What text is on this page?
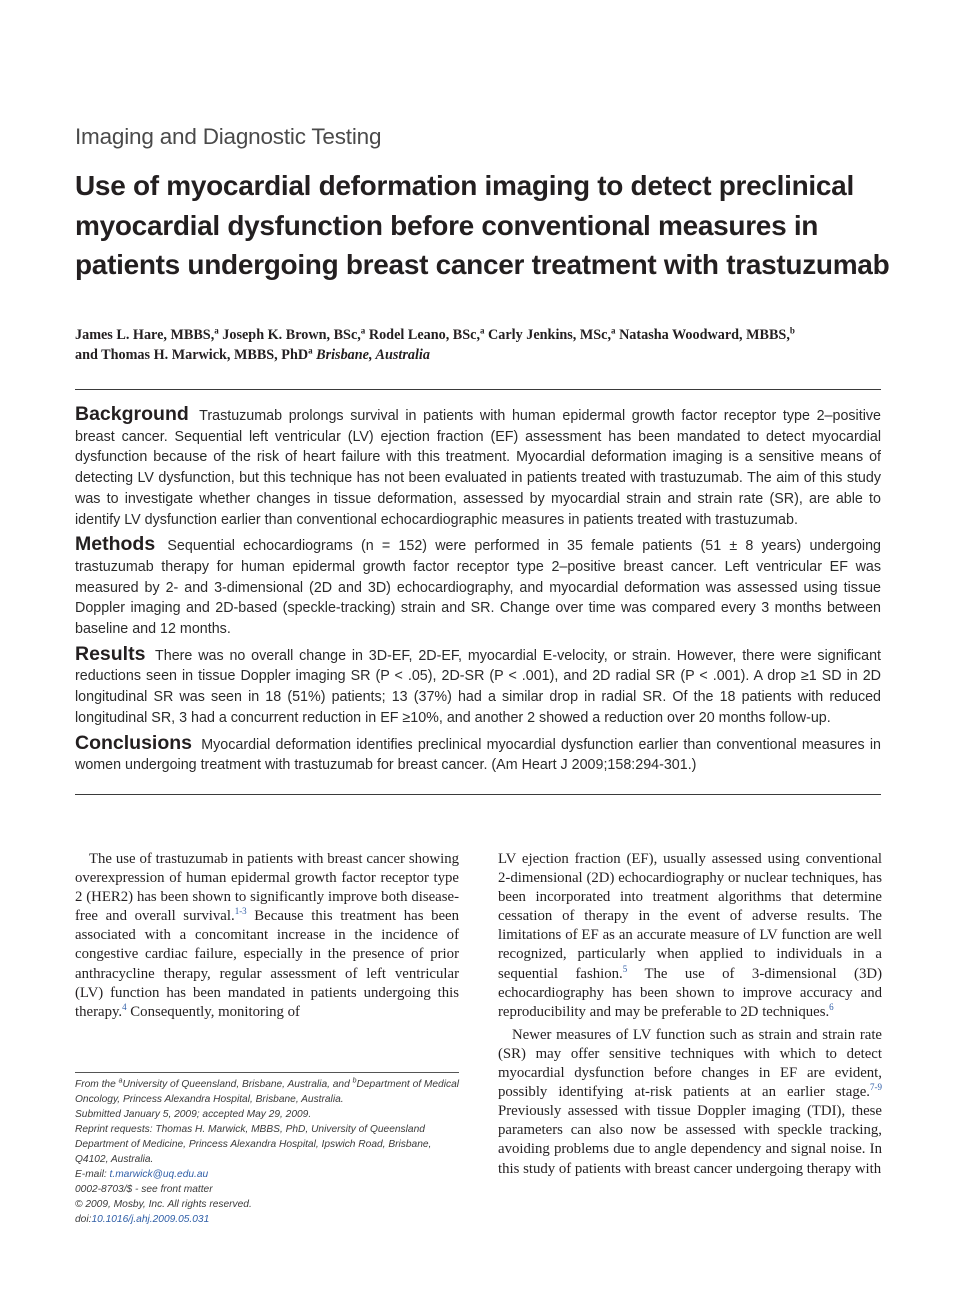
Imaging and Diagnostic Testing
Use of myocardial deformation imaging to detect preclinical myocardial dysfunction before conventional measures in patients undergoing breast cancer treatment with trastuzumab
James L. Hare, MBBS,$^a$ Joseph K. Brown, BSc,$^a$ Rodel Leano, BSc,$^a$ Carly Jenkins, MSc,$^a$ Natasha Woodward, MBBS,$^b$
and Thomas H. Marwick, MBBS, PhD$^a$ Brisbane, Australia

Background Trastuzumab prolongs survival in patients with human epidermal growth factor receptor type 2–positive breast cancer. Sequential left ventricular (LV) ejection fraction (EF) assessment has been mandated to detect myocardial dysfunction because of the risk of heart failure with this treatment. Myocardial deformation imaging is a sensitive means of detecting LV dysfunction, but this technique has not been evaluated in patients treated with trastuzumab. The aim of this study was to investigate whether changes in tissue deformation, assessed by myocardial strain and strain rate (SR), are able to identify LV dysfunction earlier than conventional echocardiographic measures in patients treated with trastuzumab.

Methods Sequential echocardiograms (n = 152) were performed in 35 female patients (51 ± 8 years) undergoing trastuzumab therapy for human epidermal growth factor receptor type 2–positive breast cancer. Left ventricular EF was measured by 2- and 3-dimensional (2D and 3D) echocardiography, and myocardial deformation was assessed using tissue Doppler imaging and 2D-based (speckle-tracking) strain and SR. Change over time was compared every 3 months between baseline and 12 months.

Results There was no overall change in 3D-EF, 2D-EF, myocardial E-velocity, or strain. However, there were significant reductions seen in tissue Doppler imaging SR (P < .05), 2D-SR (P < .001), and 2D radial SR (P < .001). A drop ≥1 SD in 2D longitudinal SR was seen in 18 (51%) patients; 13 (37%) had a similar drop in radial SR. Of the 18 patients with reduced longitudinal SR, 3 had a concurrent reduction in EF ≥10%, and another 2 showed a reduction over 20 months follow-up.

Conclusions Myocardial deformation identifies preclinical myocardial dysfunction earlier than conventional measures in women undergoing treatment with trastuzumab for breast cancer. (Am Heart J 2009;158:294-301.)

The use of trastuzumab in patients with breast cancer showing overexpression of human epidermal growth factor receptor type 2 (HER2) has been shown to significantly improve both disease-free and overall survival.$^{1-3}$ Because this treatment has been associated with a concomitant increase in the incidence of congestive cardiac failure, especially in the presence of prior anthracycline therapy, regular assessment of left ventricular (LV) function has been mandated in patients undergoing this therapy.$^4$ Consequently, monitoring of

From the $^a$University of Queensland, Brisbane, Australia, and $^b$Department of Medical Oncology, Princess Alexandra Hospital, Brisbane, Australia.
Submitted January 5, 2009; accepted May 29, 2009.
Reprint requests: Thomas H. Marwick, MBBS, PhD, University of Queensland Department of Medicine, Princess Alexandra Hospital, Ipswich Road, Brisbane, Q4102, Australia.
E-mail: t.marwick@uq.edu.au
0002-8703/$ - see front matter
© 2009, Mosby, Inc. All rights reserved.
doi:10.1016/j.ahj.2009.05.031

LV ejection fraction (EF), usually assessed using conventional 2-dimensional (2D) echocardiography or nuclear techniques, has been incorporated into treatment algorithms that determine cessation of therapy in the event of adverse results. The limitations of EF as an accurate measure of LV function are well recognized, particularly when applied to individuals in a sequential fashion.$^5$ The use of 3-dimensional (3D) echocardiography has been shown to improve accuracy and reproducibility and may be preferable to 2D techniques.$^6$

Newer measures of LV function such as strain and strain rate (SR) may offer sensitive techniques with which to detect myocardial dysfunction before changes in EF are evident, possibly identifying at-risk patients at an earlier stage.$^{7-9}$ Previously assessed with tissue Doppler imaging (TDI), these parameters can also now be assessed with speckle tracking, avoiding problems due to angle dependency and signal noise. In this study of patients with breast cancer undergoing therapy with
